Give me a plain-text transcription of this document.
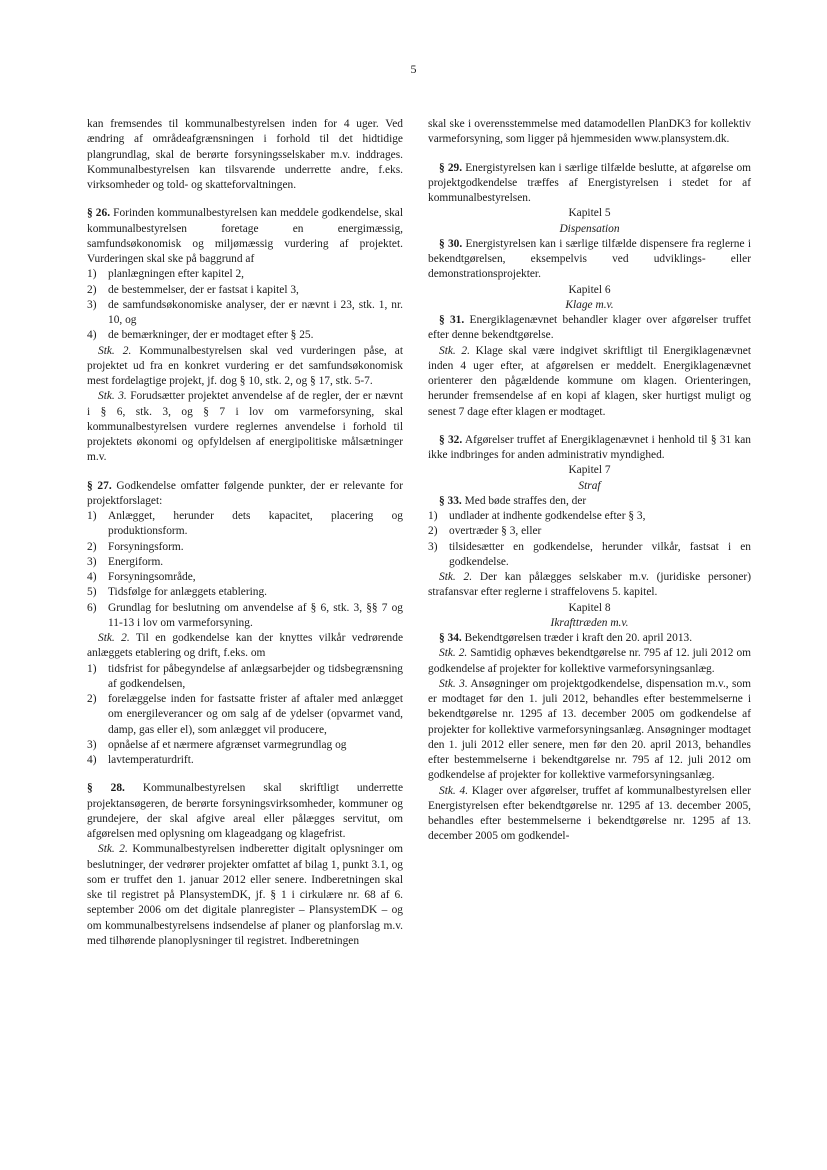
5

kan fremsendes til kommunalbestyrelsen inden for 4 uger. Ved ændring af områdeafgrænsningen i forhold til det hidtidige plangrundlag, skal de berørte forsyningsselskaber m.v. inddrages. Kommunalbestyrelsen kan tilsvarende underrette andre, f.eks. virksomheder og told- og skatteforvaltningen.

§ 26. Forinden kommunalbestyrelsen kan meddele godkendelse, skal kommunalbestyrelsen foretage en energimæssig, samfundsøkonomisk og miljømæssig vurdering af projektet. Vurderingen skal ske på baggrund af

1)	planlægningen efter kapitel 2,
2)	de bestemmelser, der er fastsat i kapitel 3,
3)	de samfundsøkonomiske analyser, der er nævnt i 23, stk. 1, nr. 10, og
4)	de bemærkninger, der er modtaget efter § 25.

Stk. 2. Kommunalbestyrelsen skal ved vurderingen påse, at projektet ud fra en konkret vurdering er det samfundsøkonomisk mest fordelagtige projekt, jf. dog § 10, stk. 2, og § 17, stk. 5-7.

Stk. 3. Forudsætter projektet anvendelse af de regler, der er nævnt i § 6, stk. 3, og § 7 i lov om varmeforsyning, skal kommunalbestyrelsen vurdere reglernes anvendelse i forhold til projektets økonomi og opfyldelsen af energipolitiske målsætninger m.v.

§ 27. Godkendelse omfatter følgende punkter, der er relevante for projektforslaget:

1)	Anlægget, herunder dets kapacitet, placering og produktionsform.
2)	Forsyningsform.
3)	Energiform.
4)	Forsyningsområde,
5)	Tidsfølge for anlæggets etablering.
6)	Grundlag for beslutning om anvendelse af § 6, stk. 3, §§ 7 og 11-13 i lov om varmeforsyning.

Stk. 2. Til en godkendelse kan der knyttes vilkår vedrørende anlæggets etablering og drift, f.eks. om

1)	tidsfrist for påbegyndelse af anlægsarbejder og tidsbegrænsning af godkendelsen,
2)	forelæggelse inden for fastsatte frister af aftaler med anlægget om energileverancer og om salg af de ydelser (opvarmet vand, damp, gas eller el), som anlægget vil producere,
3)	opnåelse af et nærmere afgrænset varmegrundlag og
4)	lavtemperaturdrift.

§ 28. Kommunalbestyrelsen skal skriftligt underrette projektansøgeren, de berørte forsyningsvirksomheder, kommuner og grundejere, der skal afgive areal eller pålægges servitut, om afgørelsen med oplysning om klageadgang og klagefrist.

Stk. 2. Kommunalbestyrelsen indberetter digitalt oplysninger om beslutninger, der vedrører projekter omfattet af bilag 1, punkt 3.1, og som er truffet den 1. januar 2012 eller senere. Indberetningen skal ske til registret på PlansystemDK, jf. § 1 i cirkulære nr. 68 af 6. september 2006 om det digitale planregister – PlansystemDK – og om kommunalbestyrelsens indsendelse af planer og planforslag m.v. med tilhørende planoplysninger til registret. Indberetningen

skal ske i overensstemmelse med datamodellen PlanDK3 for kollektiv varmeforsyning, som ligger på hjemmesiden www.plansystem.dk.

§ 29. Energistyrelsen kan i særlige tilfælde beslutte, at afgørelse om projektgodkendelse træffes af Energistyrelsen i stedet for af kommunalbestyrelsen.

Kapitel 5

Dispensation

§ 30. Energistyrelsen kan i særlige tilfælde dispensere fra reglerne i bekendtgørelsen, eksempelvis ved udviklings- eller demonstrationsprojekter.

Kapitel 6

Klage m.v.

§ 31. Energiklagenævnet behandler klager over afgørelser truffet efter denne bekendtgørelse.

Stk. 2. Klage skal være indgivet skriftligt til Energiklagenævnet inden 4 uger efter, at afgørelsen er meddelt. Energiklagenævnet orienterer den pågældende kommune om klagen. Orienteringen, herunder fremsendelse af en kopi af klagen, sker hurtigst muligt og senest 7 dage efter klagen er modtaget.

§ 32. Afgørelser truffet af Energiklagenævnet i henhold til § 31 kan ikke indbringes for anden administrativ myndighed.

Kapitel 7

Straf

§ 33. Med bøde straffes den, der

1)	undlader at indhente godkendelse efter § 3,
2)	overtræder § 3, eller
3)	tilsidesætter en godkendelse, herunder vilkår, fastsat i en godkendelse.

Stk. 2. Der kan pålægges selskaber m.v. (juridiske personer) strafansvar efter reglerne i straffelovens 5. kapitel.

Kapitel 8

Ikrafttræden m.v.

§ 34. Bekendtgørelsen træder i kraft den 20. april 2013.

Stk. 2. Samtidig ophæves bekendtgørelse nr. 795 af 12. juli 2012 om godkendelse af projekter for kollektive varmeforsyningsanlæg.

Stk. 3. Ansøgninger om projektgodkendelse, dispensation m.v., som er modtaget før den 1. juli 2012, behandles efter bestemmelserne i bekendtgørelse nr. 1295 af 13. december 2005 om godkendelse af projekter for kollektive varmeforsyningsanlæg. Ansøgninger modtaget den 1. juli 2012 eller senere, men før den 20. april 2013, behandles efter bestemmelserne i bekendtgørelse nr. 795 af 12. juli 2012 om godkendelse af projekter for kollektive varmeforsyningsanlæg.

Stk. 4. Klager over afgørelser, truffet af kommunalbestyrelsen eller Energistyrelsen efter bekendtgørelse nr. 1295 af 13. december 2005, behandles efter bestemmelserne i bekendtgørelse nr. 1295 af 13. december 2005 om godkendel-
